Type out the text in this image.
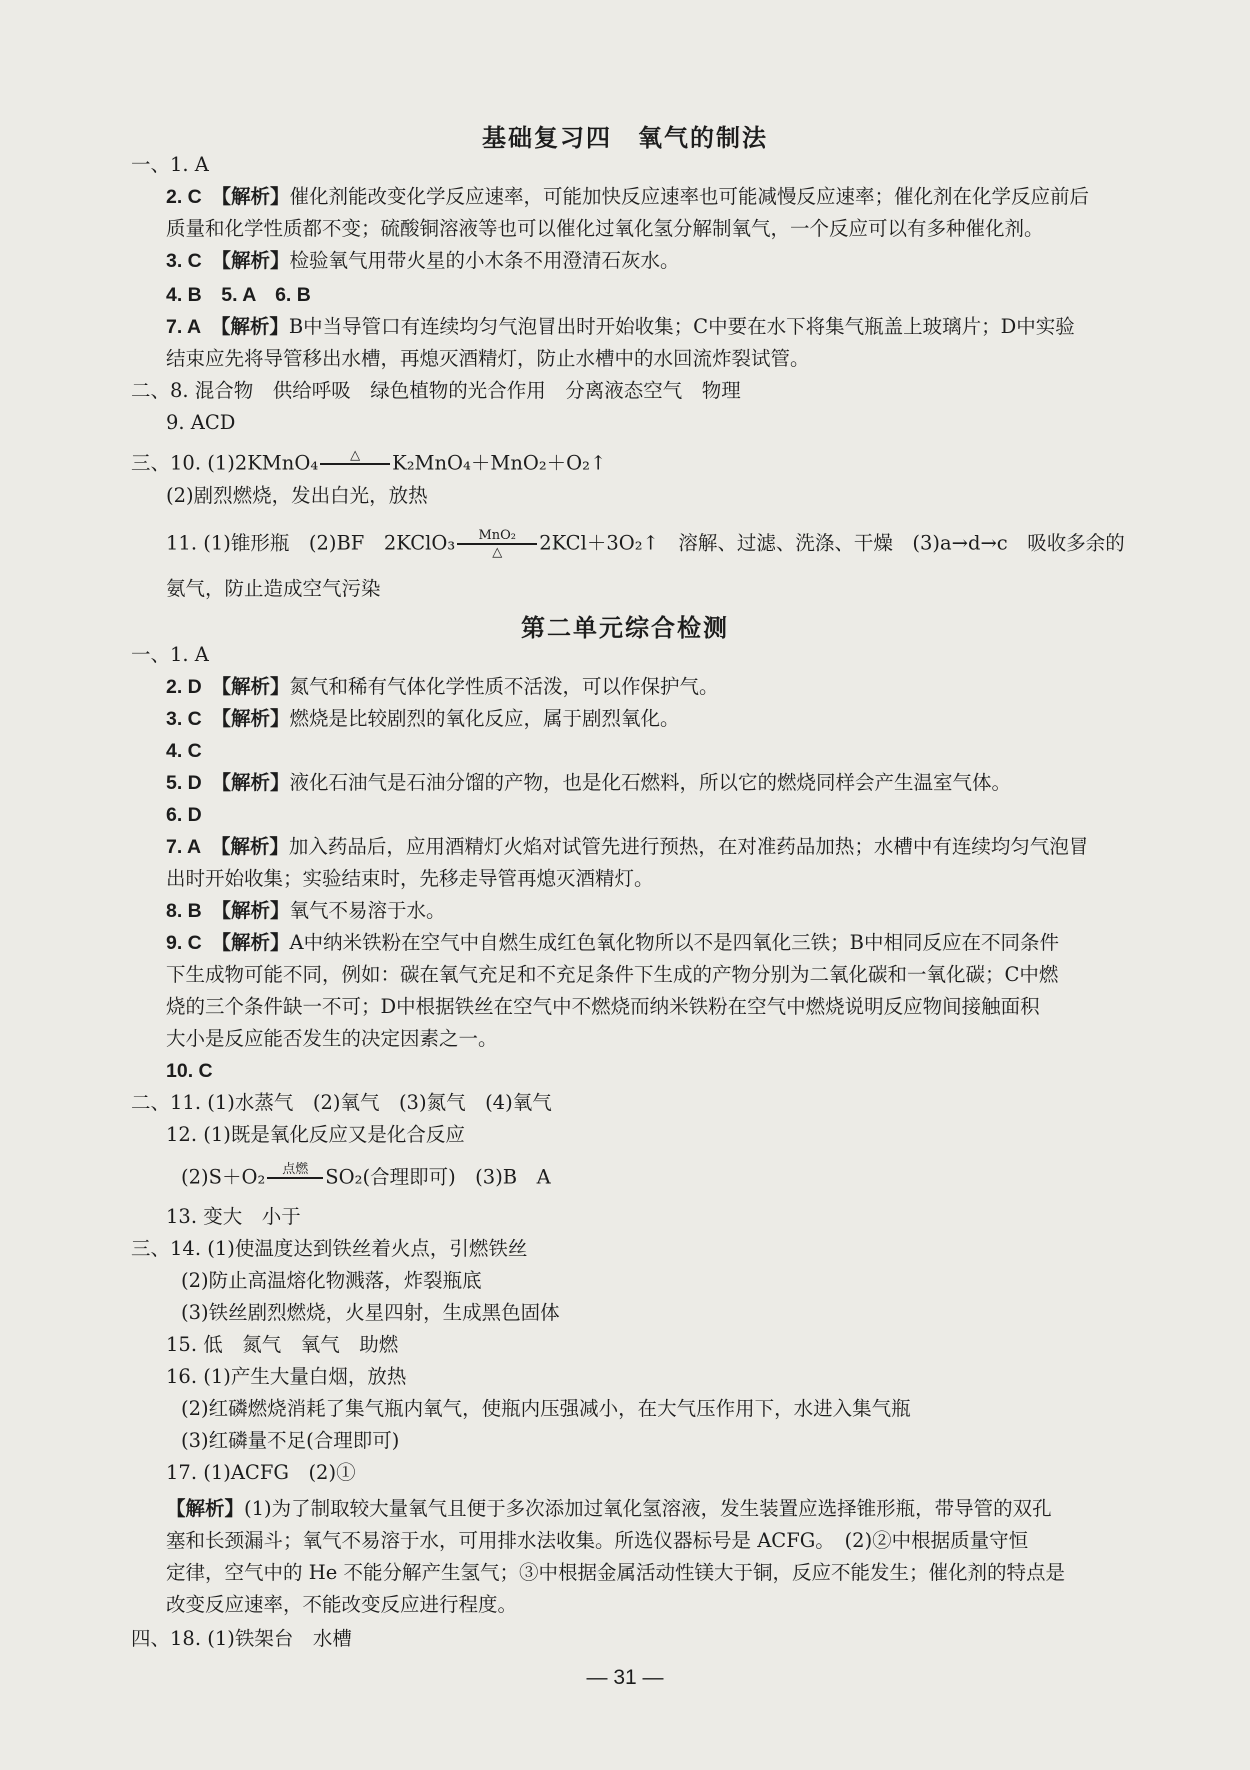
基础复习四　氧气的制法
一、1. A
2. C　 【解析】催化剂能改变化学反应速率，可能加快反应速率也可能减慢反应速率；催化剂在化学反应前后
质量和化学性质都不变；硫酸铜溶液等也可以催化过氧化氢分解制氧气，一个反应可以有多种催化剂。
3. C　 【解析】检验氧气用带火星的小木条不用澄清石灰水。
4. B　5. A　6. B
7. A　 【解析】B中当导管口有连续均匀气泡冒出时开始收集；C中要在水下将集气瓶盖上玻璃片；D中实验
结束应先将导管移出水槽，再熄灭酒精灯，防止水槽中的水回流炸裂试管。
二、8. 混合物　供给呼吸　绿色植物的光合作用　分离液态空气　物理
9. ACD
三、10. (1)2KMnO₄	△	K₂MnO₄＋MnO₂＋O₂↑
(2)剧烈燃烧，发出白光，放热
11. (1)锥形瓶　(2)BF　2KClO₃ $\frac{\text{MnO₂}}{\triangle}$ 2KCl＋3O₂↑　溶解、过滤、洗涤、干燥　(3)a→d→c　吸收多余的
氨气，防止造成空气污染
第二单元综合检测
一、1. A
2. D　 【解析】氮气和稀有气体化学性质不活泼，可以作保护气。
3. C　 【解析】燃烧是比较剧烈的氧化反应，属于剧烈氧化。
4. C
5. D　 【解析】液化石油气是石油分馏的产物，也是化石燃料，所以它的燃烧同样会产生温室气体。
6. D
7. A　 【解析】加入药品后，应用酒精灯火焰对试管先进行预热，在对准药品加热；水槽中有连续均匀气泡冒
出时开始收集；实验结束时，先移走导管再熄灭酒精灯。
8. B　 【解析】氧气不易溶于水。
9. C　 【解析】A中纳米铁粉在空气中自燃生成红色氧化物所以不是四氧化三铁；B中相同反应在不同条件
下生成物可能不同，例如：碳在氧气充足和不充足条件下生成的产物分别为二氧化碳和一氧化碳；C中燃
烧的三个条件缺一不可；D中根据铁丝在空气中不燃烧而纳米铁粉在空气中燃烧说明反应物间接触面积
大小是反应能否发生的决定因素之一。
10. C
二、11. (1)水蒸气　(2)氧气　(3)氮气　(4)氧气
12. (1)既是氧化反应又是化合反应
(2)S＋O₂	点燃 SO₂(合理即可)　(3)B　A
13. 变大　小于
三、14. (1)使温度达到铁丝着火点，引燃铁丝
(2)防止高温熔化物溅落，炸裂瓶底
(3)铁丝剧烈燃烧，火星四射，生成黑色固体
15. 低　氮气　氧气　助燃
16. (1)产生大量白烟，放热
(2)红磷燃烧消耗了集气瓶内氧气，使瓶内压强减小，在大气压作用下，水进入集气瓶
(3)红磷量不足(合理即可)
17. (1)ACFG　(2)①
【解析】(1)为了制取较大量氧气且便于多次添加过氧化氢溶液，发生装置应选择锥形瓶，带导管的双孔
塞和长颈漏斗；氧气不易溶于水，可用排水法收集。所选仪器标号是 ACFG。　(2)②中根据质量守恒
定律，空气中的 He 不能分解产生氢气；③中根据金属活动性镁大于铜，反应不能发生；催化剂的特点是
改变反应速率，不能改变反应进行程度。
四、18. (1)铁架台　水槽
— 31 —
